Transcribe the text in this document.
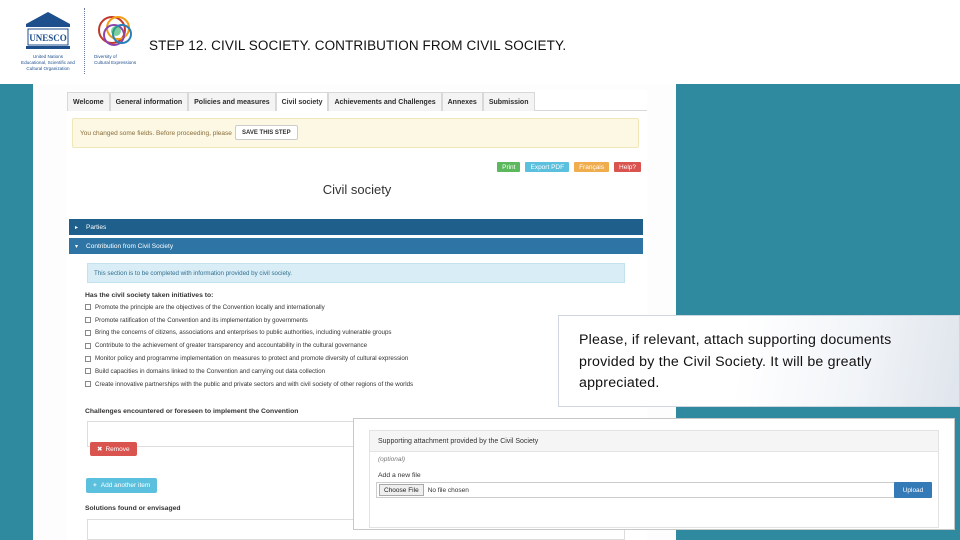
UNESCO
United Nations
Educational, Scientific and
Cultural Organization
Diversity of
Cultural Expressions
STEP 12. CIVIL SOCIETY. CONTRIBUTION FROM CIVIL SOCIETY.
Welcome	General information	Policies and measures	Civil society	Achievements and Challenges	Annexes	Submission
You changed some fields. Before proceeding, please	SAVE THIS STEP
Print	Export PDF	Français	Help?
Civil society
▸ Parties
▾ Contribution from Civil Society
This section is to be completed with information provided by civil society.
Has the civil society taken initiatives to:
Promote the principle are the objectives of the Convention locally and internationally
Promote ratification of the Convention and its implementation by governments
Bring the concerns of citizens, associations and enterprises to public authorities, including vulnerable groups
Contribute to the achievement of greater transparency and accountability in the cultural governance
Monitor policy and programme implementation on measures to protect and promote diversity of cultural expression
Build capacities in domains linked to the Convention and carrying out data collection
Create innovative partnerships with the public and private sectors and with civil society of other regions of the worlds
Challenges encountered or foreseen to implement the Convention
✖ Remove
+ Add another item
Solutions found or envisaged
Please, if relevant, attach supporting documents provided by the Civil Society. It will be greatly appreciated.
Supporting attachment provided by the Civil Society
(optional)
Add a new file
Choose File	No file chosen	Upload
